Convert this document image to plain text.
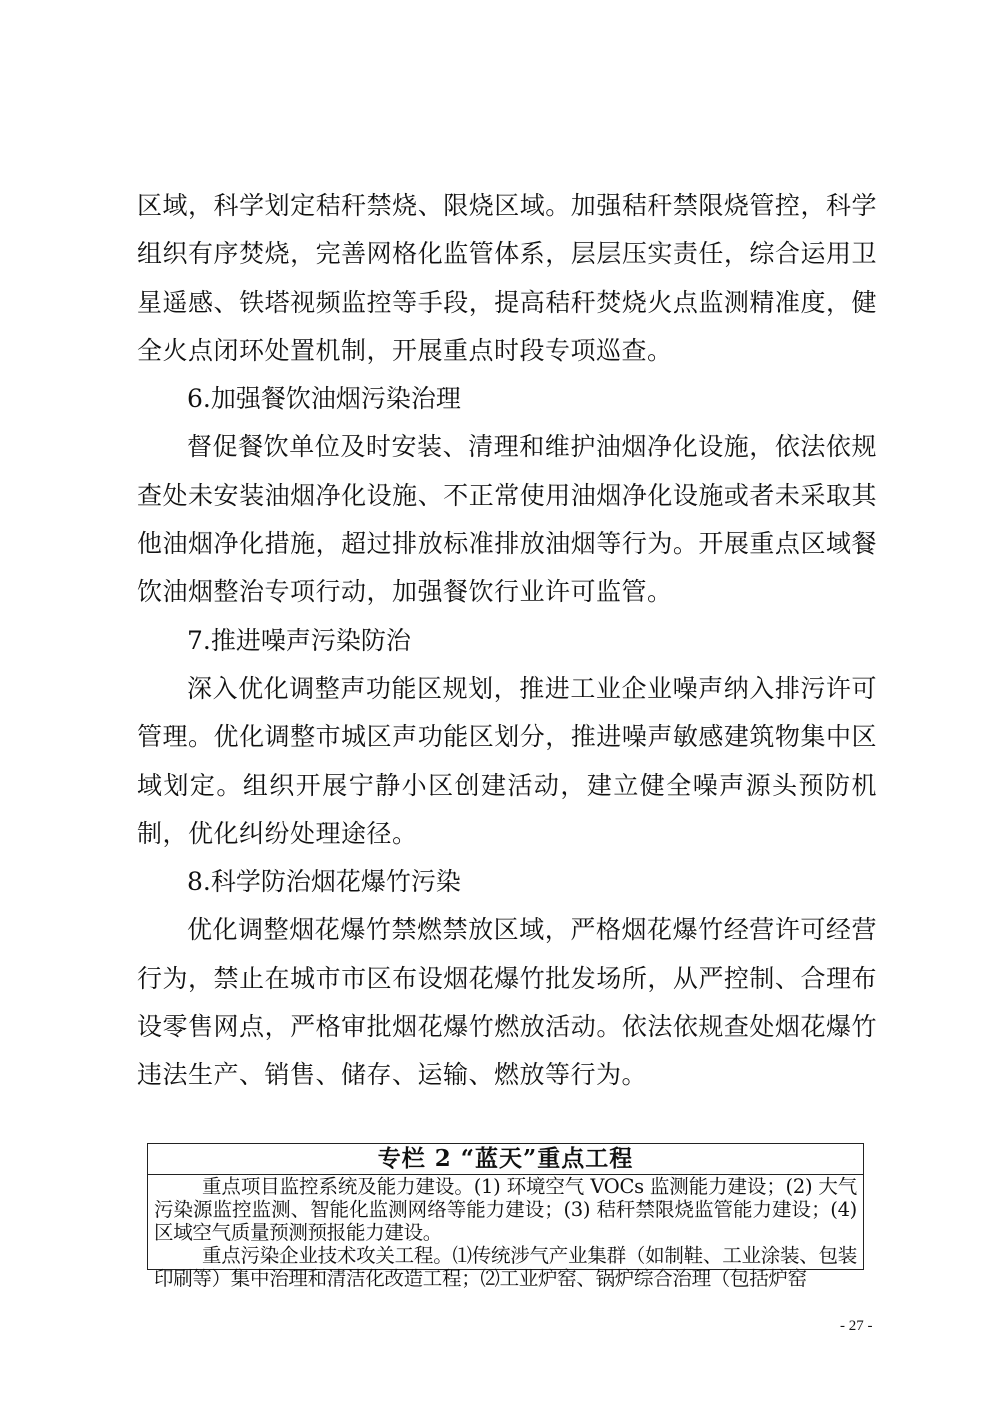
区域，科学划定秸秆禁烧、限烧区域。加强秸秆禁限烧管控，科学组织有序焚烧，完善网格化监管体系，层层压实责任，综合运用卫星遥感、铁塔视频监控等手段，提高秸秆焚烧火点监测精准度，健全火点闭环处置机制，开展重点时段专项巡查。

6.加强餐饮油烟污染治理

督促餐饮单位及时安装、清理和维护油烟净化设施，依法依规查处未安装油烟净化设施、不正常使用油烟净化设施或者未采取其他油烟净化措施，超过排放标准排放油烟等行为。开展重点区域餐饮油烟整治专项行动，加强餐饮行业许可监管。

7.推进噪声污染防治

深入优化调整声功能区规划，推进工业企业噪声纳入排污许可管理。优化调整市城区声功能区划分，推进噪声敏感建筑物集中区域划定。组织开展宁静小区创建活动，建立健全噪声源头预防机制，优化纠纷处理途径。

8.科学防治烟花爆竹污染

优化调整烟花爆竹禁燃禁放区域，严格烟花爆竹经营许可经营行为，禁止在城市市区布设烟花爆竹批发场所，从严控制、合理布设零售网点，严格审批烟花爆竹燃放活动。依法依规查处烟花爆竹违法生产、销售、储存、运输、燃放等行为。

专栏 2 “蓝天”重点工程

重点项目监控系统及能力建设。(1) 环境空气 VOCs 监测能力建设；(2) 大气污染源监控监测、智能化监测网络等能力建设；(3) 秸秆禁限烧监管能力建设；(4) 区域空气质量预测预报能力建设。

重点污染企业技术攻关工程。⑴传统涉气产业集群（如制鞋、工业涂装、包装印刷等）集中治理和清洁化改造工程；⑵工业炉窑、锅炉综合治理（包括炉窑

- 27 -
